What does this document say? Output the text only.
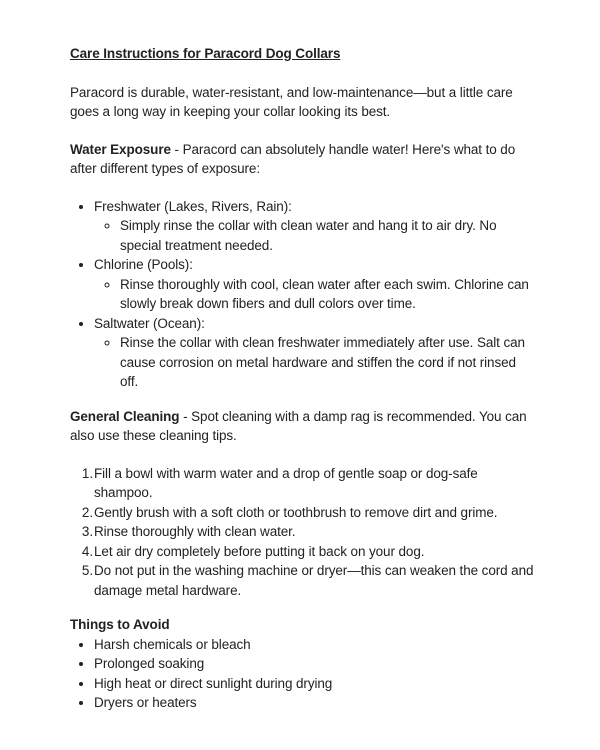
Care Instructions for Paracord Dog Collars

Paracord is durable, water-resistant, and low-maintenance—but a little care goes a long way in keeping your collar looking its best.

Water Exposure - Paracord can absolutely handle water! Here's what to do after different types of exposure:

• Freshwater (Lakes, Rivers, Rain):
◦ Simply rinse the collar with clean water and hang it to air dry. No special treatment needed.
• Chlorine (Pools):
◦ Rinse thoroughly with cool, clean water after each swim. Chlorine can slowly break down fibers and dull colors over time.
• Saltwater (Ocean):
◦ Rinse the collar with clean freshwater immediately after use. Salt can cause corrosion on metal hardware and stiffen the cord if not rinsed off.

General Cleaning - Spot cleaning with a damp rag is recommended. You can also use these cleaning tips.

Fill a bowl with warm water and a drop of gentle soap or dog-safe shampoo.
Gently brush with a soft cloth or toothbrush to remove dirt and grime.
Rinse thoroughly with clean water.
Let air dry completely before putting it back on your dog.
Do not put in the washing machine or dryer—this can weaken the cord and damage metal hardware.

Things to Avoid

• Harsh chemicals or bleach
• Prolonged soaking
• High heat or direct sunlight during drying
• Dryers or heaters
